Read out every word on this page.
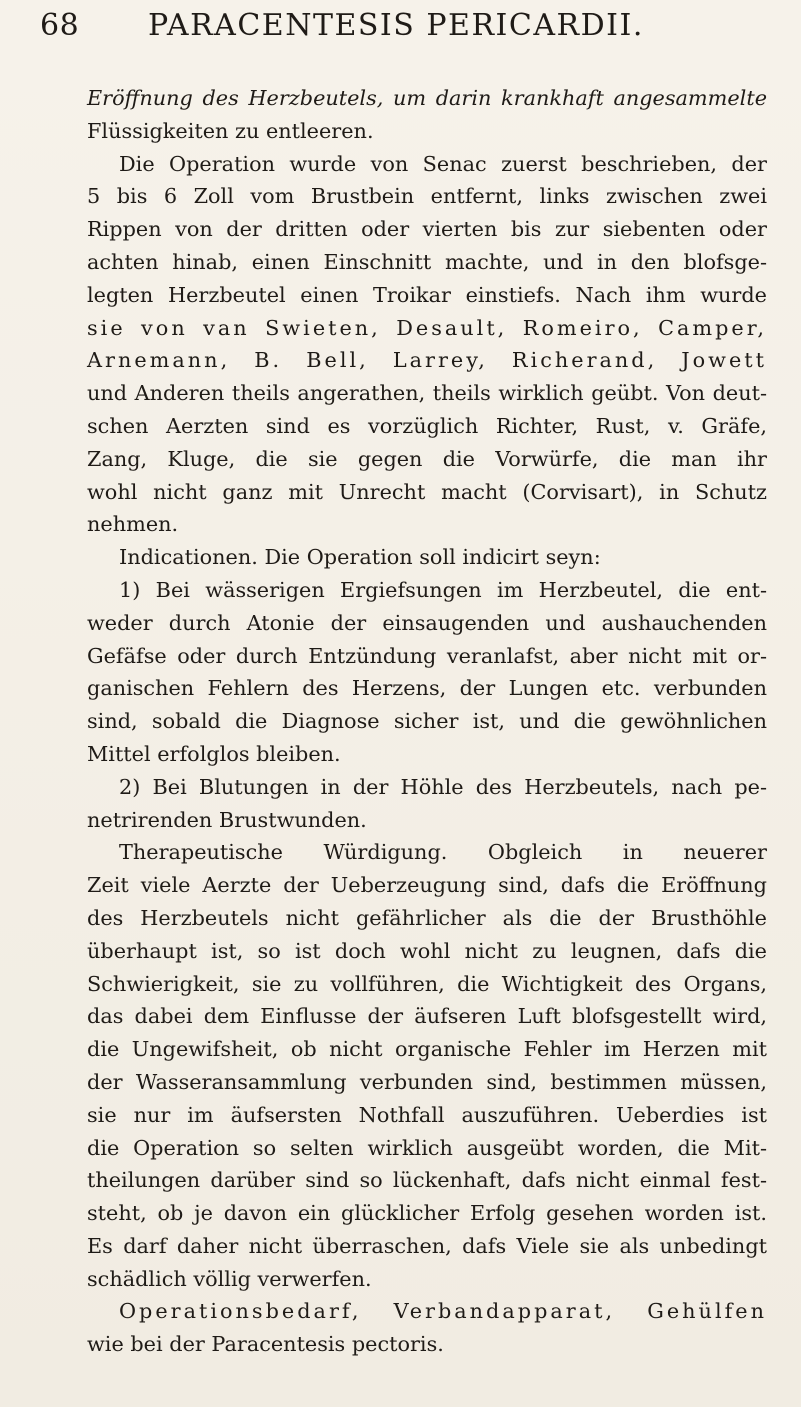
68 PARACENTESIS PERICARDII.
Eröffnung des Herzbeutels, um darin krankhaft angesammelte
Flüssigkeiten zu entleeren.
Die Operation wurde von Senac zuerst beschrieben, der
5 bis 6 Zoll vom Brustbein entfernt, links zwischen zwei
Rippen von der dritten oder vierten bis zur siebenten oder
achten hinab, einen Einschnitt machte, und in den blofsge-
legten Herzbeutel einen Troikar einstiefs. Nach ihm wurde
sie von van Swieten, Desault, Romeiro, Camper,
Arnemann, B. Bell, Larrey, Richerand, Jowett
und Anderen theils angerathen, theils wirklich geübt. Von deut-
schen Aerzten sind es vorzüglich Richter, Rust, v. Gräfe,
Zang, Kluge, die sie gegen die Vorwürfe, die man ihr
wohl nicht ganz mit Unrecht macht (Corvisart), in Schutz
nehmen.
Indicationen. Die Operation soll indicirt seyn:
1) Bei wässerigen Ergiefsungen im Herzbeutel, die ent-
weder durch Atonie der einsaugenden und aushauchenden
Gefäfse oder durch Entzündung veranlafst, aber nicht mit or-
ganischen Fehlern des Herzens, der Lungen etc. verbunden
sind, sobald die Diagnose sicher ist, und die gewöhnlichen
Mittel erfolglos bleiben.
2) Bei Blutungen in der Höhle des Herzbeutels, nach pe-
netrirenden Brustwunden.
Therapeutische Würdigung. Obgleich in neuerer
Zeit viele Aerzte der Ueberzeugung sind, dafs die Eröffnung
des Herzbeutels nicht gefährlicher als die der Brusthöhle
überhaupt ist, so ist doch wohl nicht zu leugnen, dafs die
Schwierigkeit, sie zu vollführen, die Wichtigkeit des Organs,
das dabei dem Einflusse der äufseren Luft blofsgestellt wird,
die Ungewifsheit, ob nicht organische Fehler im Herzen mit
der Wasseransammlung verbunden sind, bestimmen müssen,
sie nur im äufsersten Nothfall auszuführen. Ueberdies ist
die Operation so selten wirklich ausgeübt worden, die Mit-
theilungen darüber sind so lückenhaft, dafs nicht einmal fest-
steht, ob je davon ein glücklicher Erfolg gesehen worden ist.
Es darf daher nicht überraschen, dafs Viele sie als unbedingt
schädlich völlig verwerfen.
Operationsbedarf, Verbandapparat, Gehülfen
wie bei der Paracentesis pectoris.
